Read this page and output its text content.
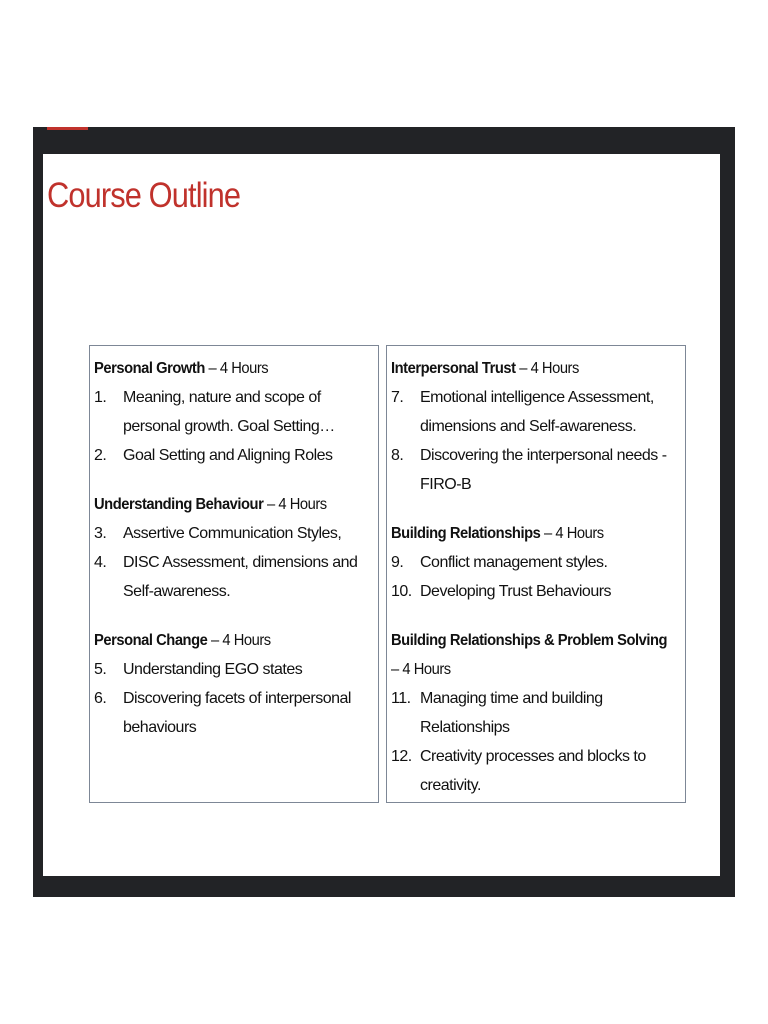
Course Outline
Personal Growth – 4 Hours
1.	Meaning, nature and scope of personal growth. Goal Setting…
2.	Goal Setting and Aligning Roles
Understanding Behaviour – 4 Hours
3.	Assertive Communication Styles,
4.	DISC Assessment, dimensions and Self-awareness.
Personal Change – 4 Hours
5.	Understanding EGO states
6.	Discovering facets of interpersonal behaviours
Interpersonal Trust – 4 Hours
7.	Emotional intelligence Assessment, dimensions and Self-awareness.
8.	Discovering the interpersonal needs - FIRO-B
Building Relationships – 4 Hours
9.	Conflict management styles.
10. Developing Trust Behaviours
Building Relationships & Problem Solving – 4 Hours
11. Managing time and building Relationships
12. Creativity processes and blocks to creativity.
